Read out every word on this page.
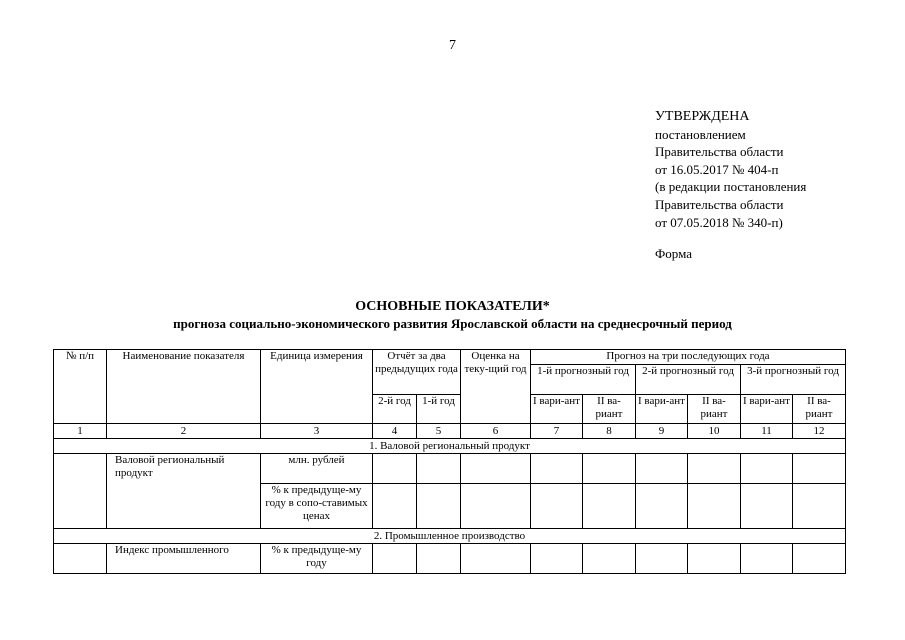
7
УТВЕРЖДЕНА
постановлением
Правительства области
от 16.05.2017 № 404-п
(в редакции постановления
Правительства области
от 07.05.2018 № 340-п)
Форма
ОСНОВНЫЕ ПОКАЗАТЕЛИ*
прогноза социально-экономического развития Ярославской области на среднесрочный период
№ п/п	Наименование показателя	Единица измерения	Отчёт за два предыдущих года		Оценка на теку-щий год	Прогноз на три последующих года					
						1-й прогнозный год		2-й прогнозный год		3-й прогнозный год	
			2-й год	1-й год		I вари-ант	II ва-риант	I вари-ант	II ва-риант	I вари-ант	II ва-риант

1	2	3	4	5	6	7	8	9	10	11	12
1. Валовой региональный продукт											
	Валовой региональный продукт	млн. рублей									
		% к предыдуще-му году в сопо-ставимых ценах									
2. Промышленное производство											
	Индекс промышленного	% к предыдуще-му году									
